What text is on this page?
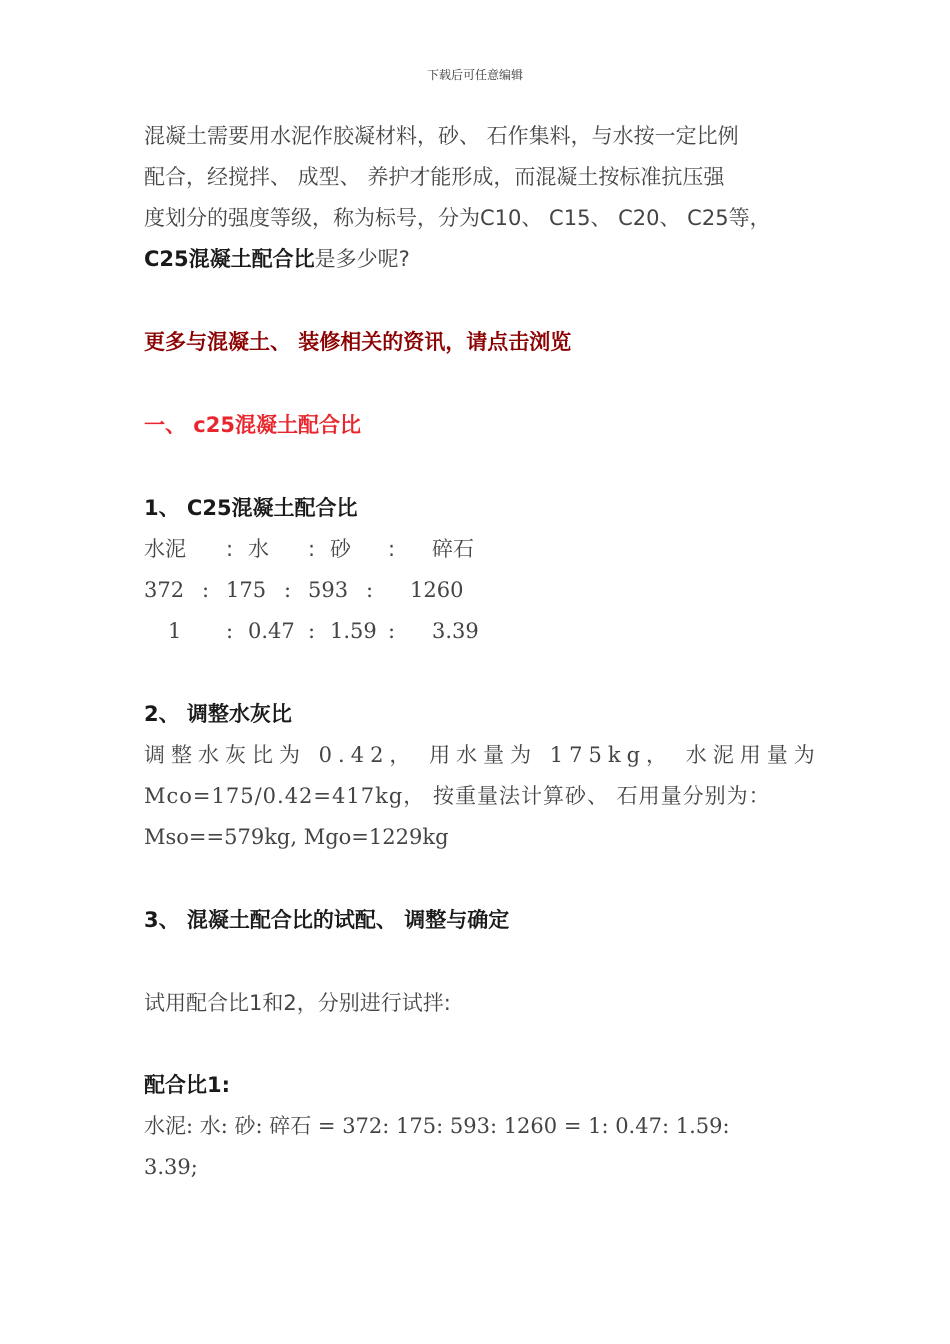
下载后可任意编辑
混凝土需要用水泥作胶凝材料，砂、 石作集料，与水按一定比例
配合，经搅拌、 成型、 养护才能形成，而混凝土按标准抗压强
度划分的强度等级，称为标号，分为C10、 C15、 C20、 C25等，
C25混凝土配合比是多少呢?
更多与混凝土、 装修相关的资讯，请点击浏览
一、 c25混凝土配合比
1、 C25混凝土配合比
水泥 : 水 : 砂 : 碎石
372 : 175 : 593 : 1260
1 : 0.47 : 1.59 : 3.39
2、 调整水灰比
调整水灰比为 0.42， 用水量为 175kg， 水泥用量为
Mco=175/0.42=417kg， 按重量法计算砂、 石用量分别为：
Mso==579kg, Mgo=1229kg
3、 混凝土配合比的试配、 调整与确定
试用配合比1和2，分别进行试拌:
配合比1:
水泥: 水: 砂: 碎石 = 372: 175: 593: 1260 = 1: 0.47: 1.59:
3.39;
